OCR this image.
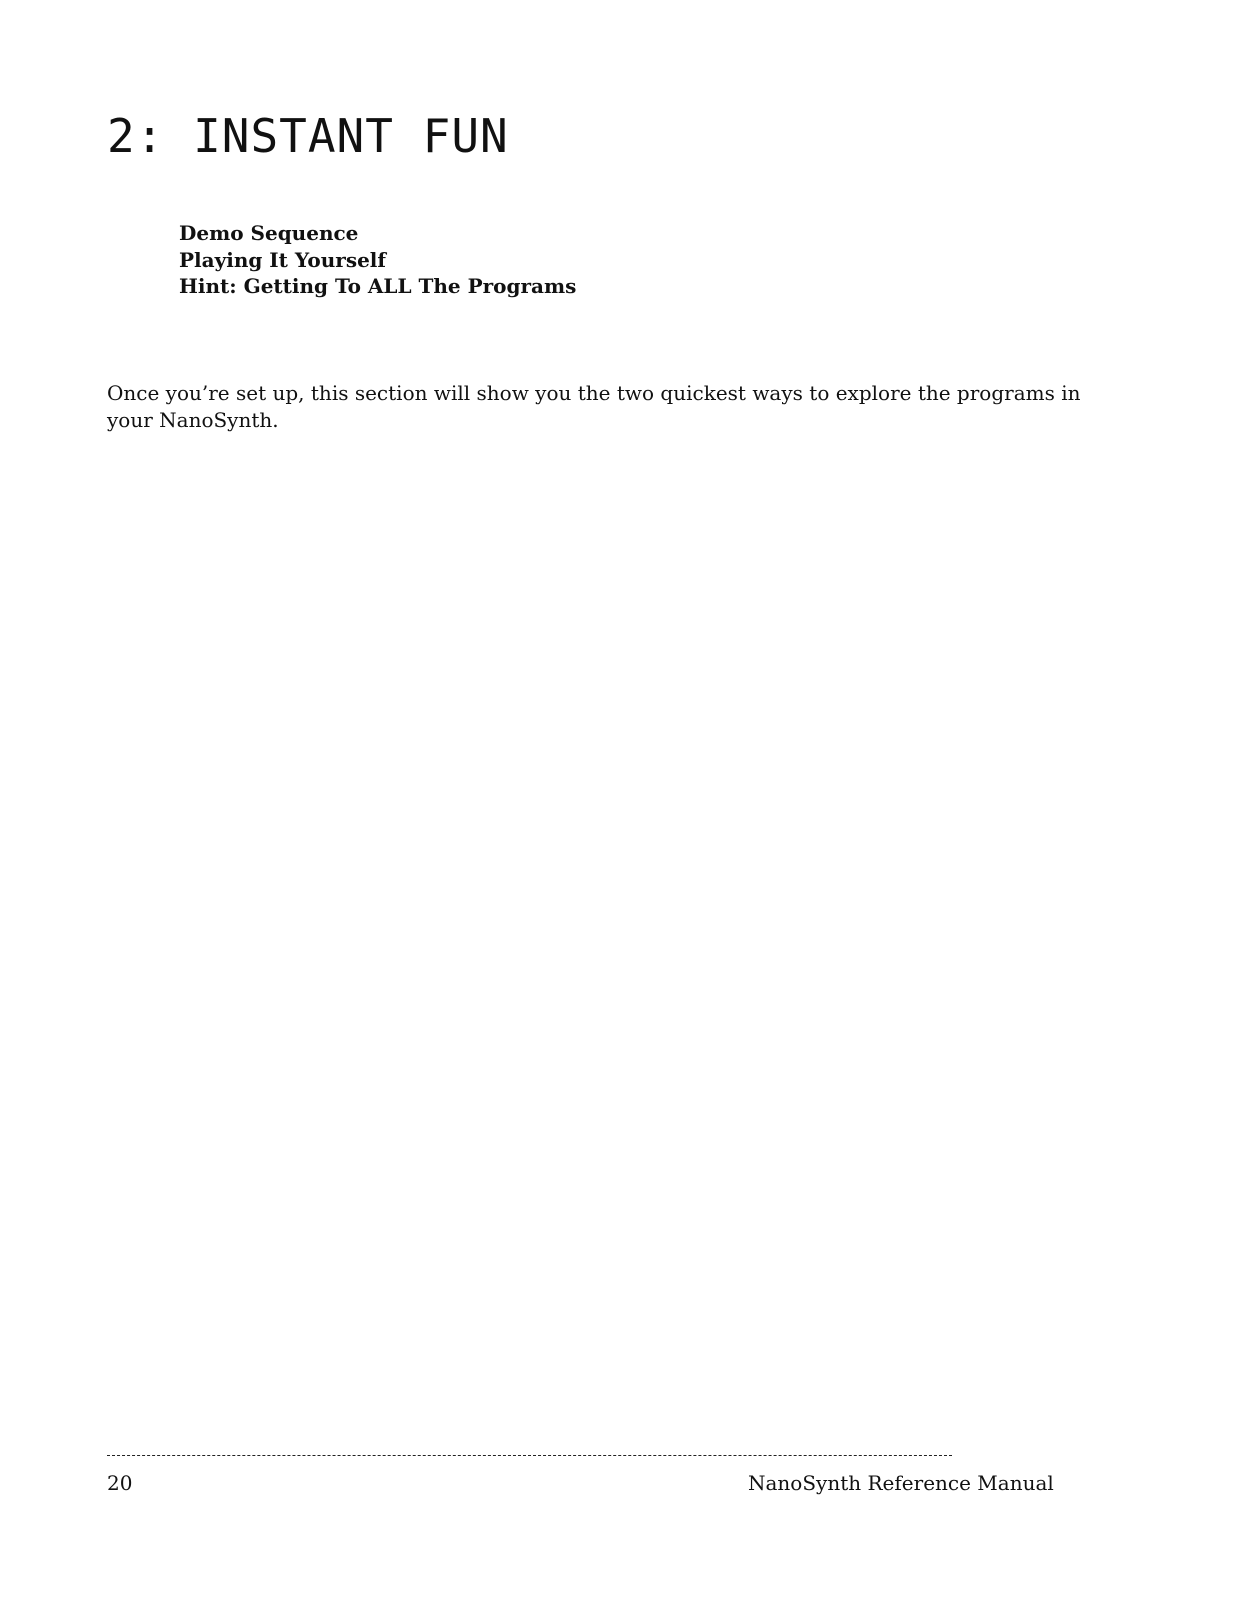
2: INSTANT FUN
Demo Sequence
Playing It Yourself
Hint: Getting To ALL The Programs

Once you’re set up, this section will show you the two quickest ways to explore the programs in your NanoSynth.

20	NanoSynth Reference Manual
